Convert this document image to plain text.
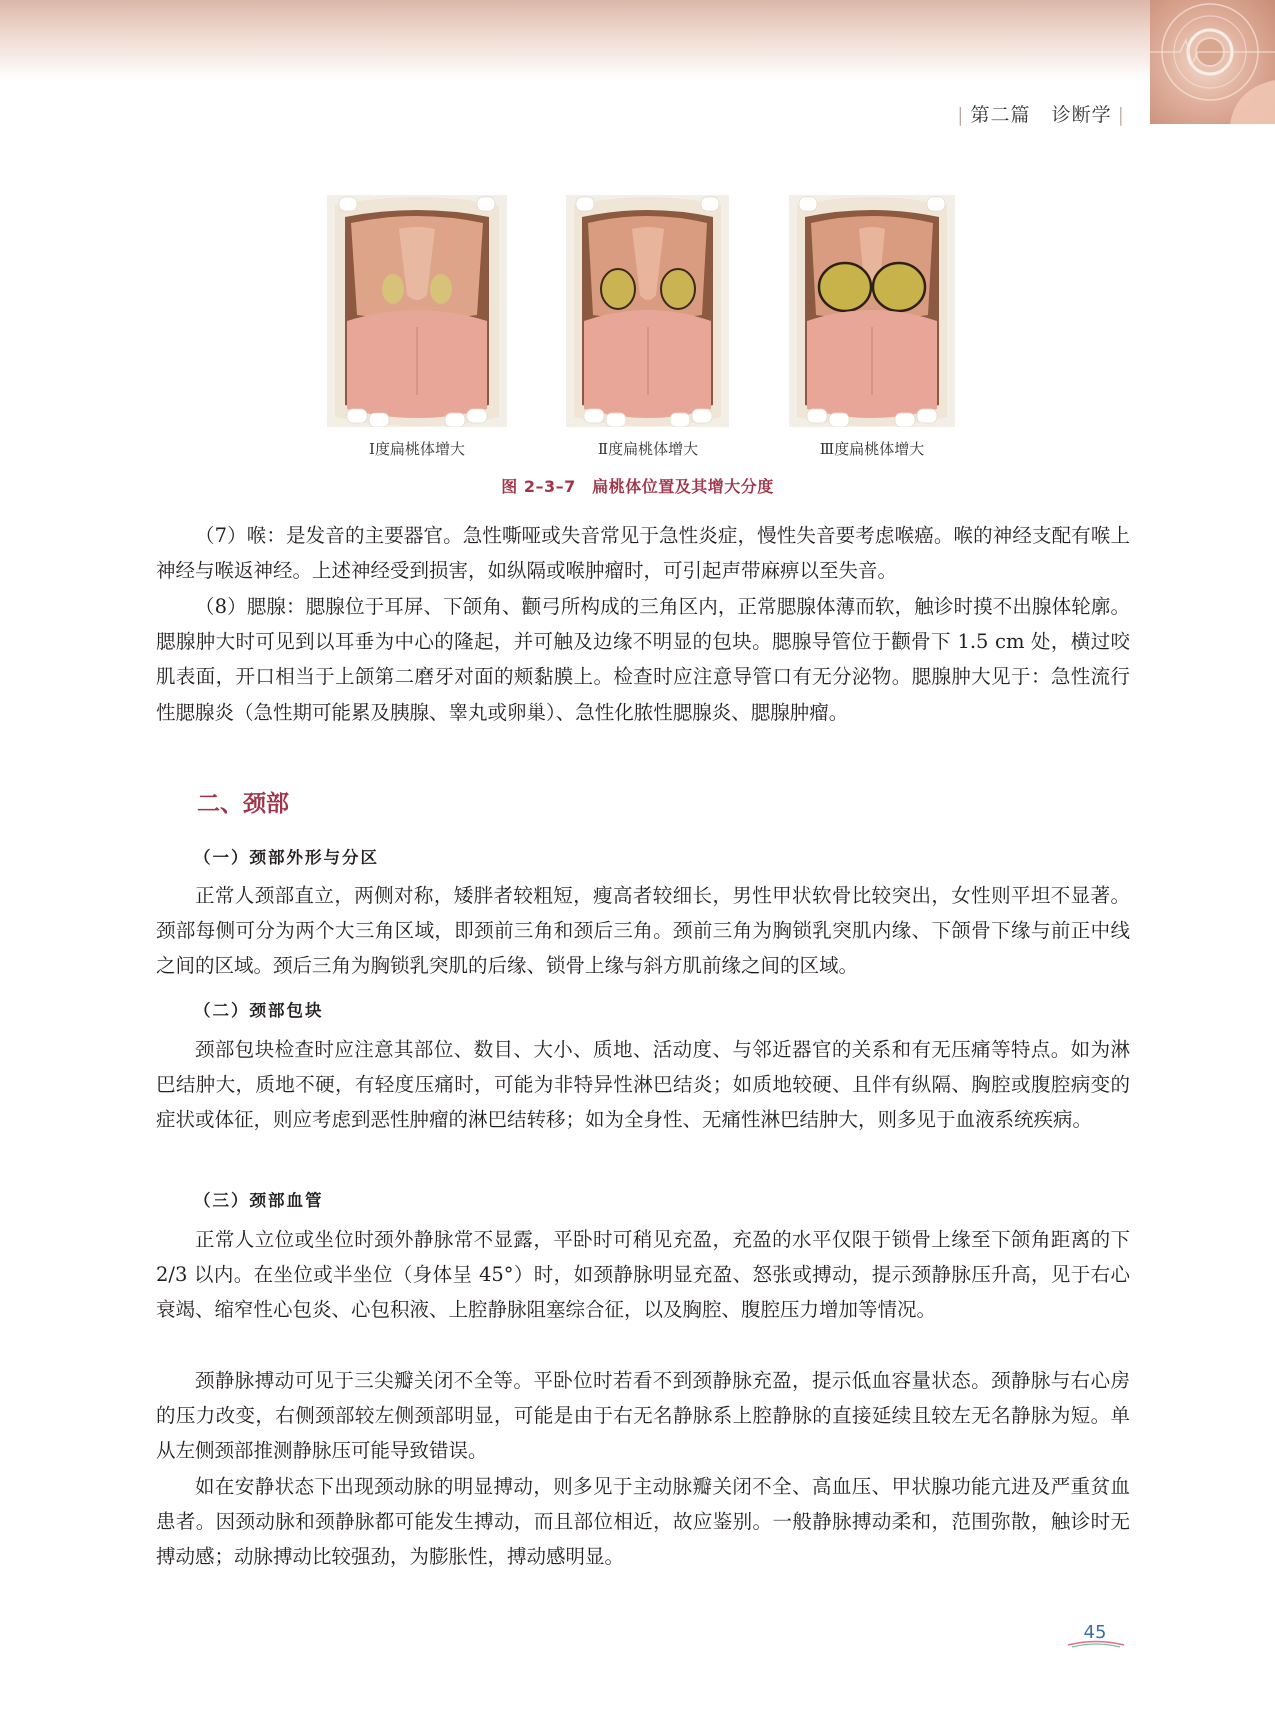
| 第二篇 诊断学 |
Ⅰ度扁桃体增大	Ⅱ度扁桃体增大	Ⅲ度扁桃体增大
图 2–3–7　扁桃体位置及其增大分度

（7）喉：是发音的主要器官。急性嘶哑或失音常见于急性炎症，慢性失音要考虑喉癌。喉的神经支配有喉上神经与喉返神经。上述神经受到损害，如纵隔或喉肿瘤时，可引起声带麻痹以至失音。

（8）腮腺：腮腺位于耳屏、下颌角、颧弓所构成的三角区内，正常腮腺体薄而软，触诊时摸不出腺体轮廓。腮腺肿大时可见到以耳垂为中心的隆起，并可触及边缘不明显的包块。腮腺导管位于颧骨下 1.5 cm 处，横过咬肌表面，开口相当于上颌第二磨牙对面的颊黏膜上。检查时应注意导管口有无分泌物。腮腺肿大见于：急性流行性腮腺炎（急性期可能累及胰腺、睾丸或卵巢）、急性化脓性腮腺炎、腮腺肿瘤。

二、颈部
（一）颈部外形与分区

正常人颈部直立，两侧对称，矮胖者较粗短，瘦高者较细长，男性甲状软骨比较突出，女性则平坦不显著。颈部每侧可分为两个大三角区域，即颈前三角和颈后三角。颈前三角为胸锁乳突肌内缘、下颌骨下缘与前正中线之间的区域。颈后三角为胸锁乳突肌的后缘、锁骨上缘与斜方肌前缘之间的区域。

（二）颈部包块

颈部包块检查时应注意其部位、数目、大小、质地、活动度、与邻近器官的关系和有无压痛等特点。如为淋巴结肿大，质地不硬，有轻度压痛时，可能为非特异性淋巴结炎；如质地较硬、且伴有纵隔、胸腔或腹腔病变的症状或体征，则应考虑到恶性肿瘤的淋巴结转移；如为全身性、无痛性淋巴结肿大，则多见于血液系统疾病。

（三）颈部血管

正常人立位或坐位时颈外静脉常不显露，平卧时可稍见充盈，充盈的水平仅限于锁骨上缘至下颌角距离的下 2/3 以内。在坐位或半坐位（身体呈 45°）时，如颈静脉明显充盈、怒张或搏动，提示颈静脉压升高，见于右心衰竭、缩窄性心包炎、心包积液、上腔静脉阻塞综合征，以及胸腔、腹腔压力增加等情况。

颈静脉搏动可见于三尖瓣关闭不全等。平卧位时若看不到颈静脉充盈，提示低血容量状态。颈静脉与右心房的压力改变，右侧颈部较左侧颈部明显，可能是由于右无名静脉系上腔静脉的直接延续且较左无名静脉为短。单从左侧颈部推测静脉压可能导致错误。

如在安静状态下出现颈动脉的明显搏动，则多见于主动脉瓣关闭不全、高血压、甲状腺功能亢进及严重贫血患者。因颈动脉和颈静脉都可能发生搏动，而且部位相近，故应鉴别。一般静脉搏动柔和，范围弥散，触诊时无搏动感；动脉搏动比较强劲，为膨胀性，搏动感明显。

45
